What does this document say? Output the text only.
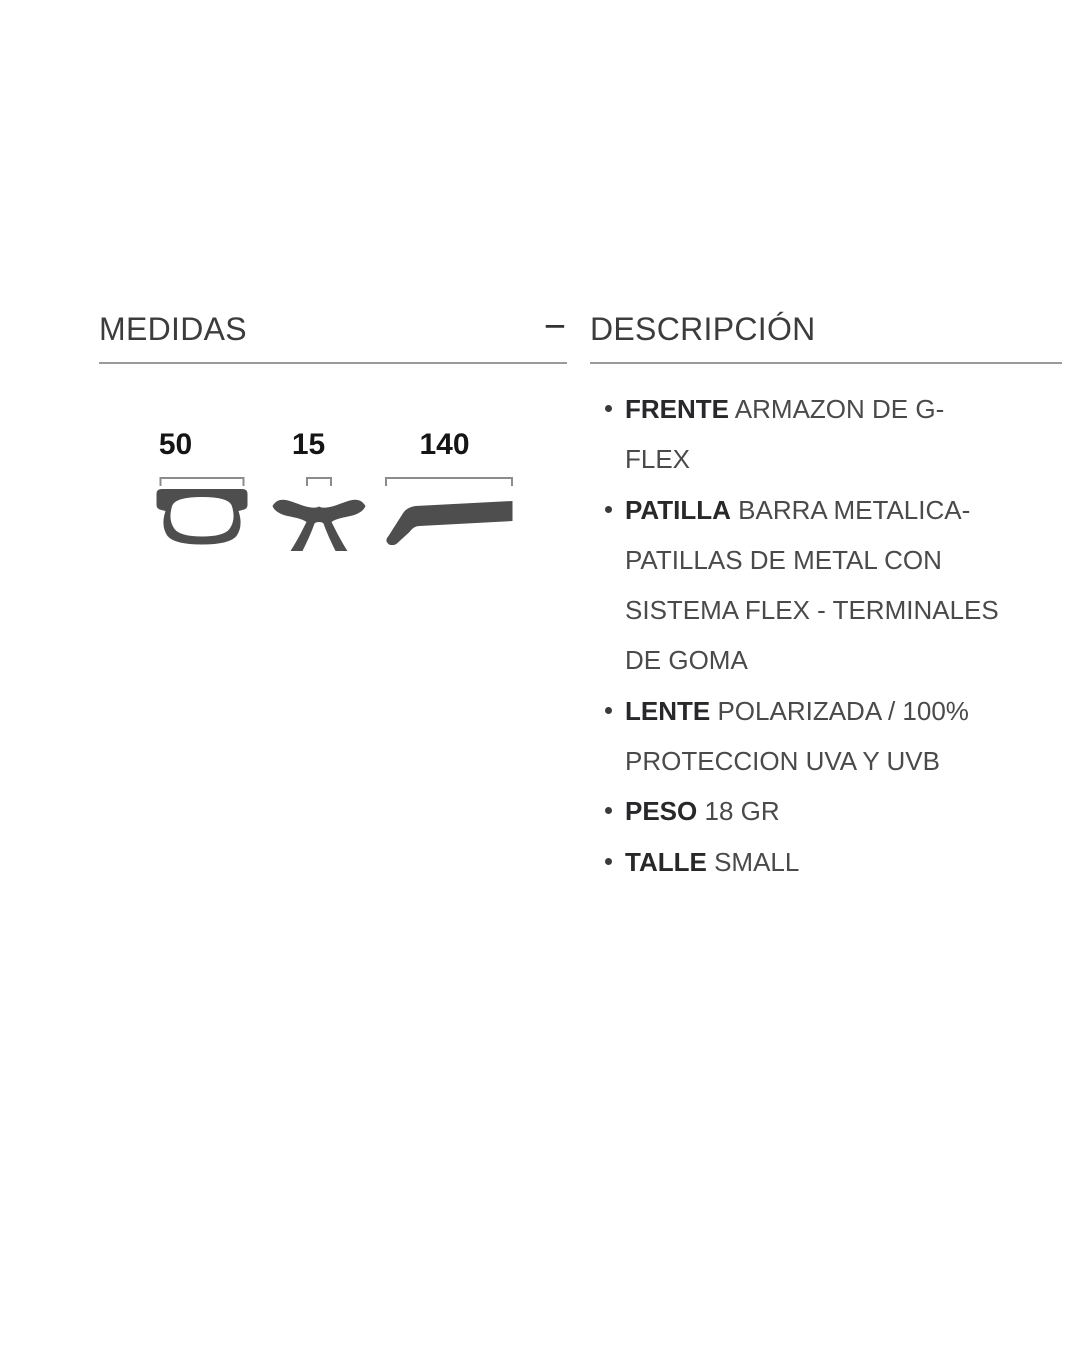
MEDIDAS	−
50	15	140
DESCRIPCIÓN
FRENTE ARMAZON DE G-FLEX
PATILLA BARRA METALICA- PATILLAS DE METAL CON SISTEMA FLEX - TERMINALES DE GOMA
LENTE POLARIZADA / 100% PROTECCION UVA Y UVB
PESO 18 GR
TALLE SMALL
